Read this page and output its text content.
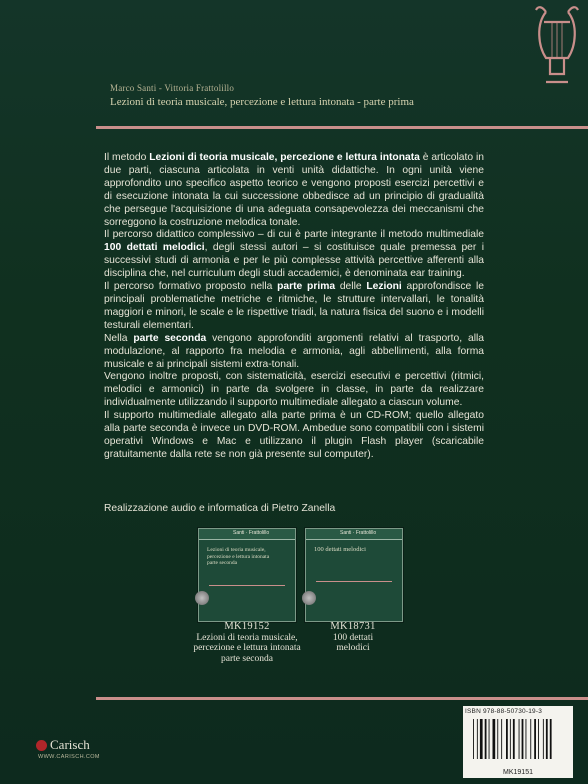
Marco Santi - Vittoria Frattolillo
Lezioni di teoria musicale, percezione e lettura intonata - parte prima

Il metodo Lezioni di teoria musicale, percezione e lettura intonata è articolato in due parti, ciascuna articolata in venti unità didattiche. In ogni unità viene approfondito uno specifico aspetto teorico e vengono proposti esercizi percettivi e di esecuzione intonata la cui successione obbedisce ad un principio di gradualità che persegue l'acquisizione di una adeguata consapevolezza dei meccanismi che sorreggono la costruzione melodica tonale.

Il percorso didattico complessivo – di cui è parte integrante il metodo multimediale 100 dettati melodici, degli stessi autori – si costituisce quale premessa per i successivi studi di armonia e per le più complesse attività percettive afferenti alla disciplina che, nel curriculum degli studi accademici, è denominata ear training.

Il percorso formativo proposto nella parte prima delle Lezioni approfondisce le principali problematiche metriche e ritmiche, le strutture intervallari, le tonalità maggiori e minori, le scale e le rispettive triadi, la natura fisica del suono e i modelli testurali elementari.

Nella parte seconda vengono approfonditi argomenti relativi al trasporto, alla modulazione, al rapporto fra melodia e armonia, agli abbellimenti, alla forma musicale e ai principali sistemi extra-tonali.

Vengono inoltre proposti, con sistematicità, esercizi esecutivi e percettivi (ritmici, melodici e armonici) in parte da svolgere in classe, in parte da realizzare individualmente utilizzando il supporto multimediale allegato a ciascun volume.

Il supporto multimediale allegato alla parte prima è un CD-ROM; quello allegato alla parte seconda è invece un DVD-ROM. Ambedue sono compatibili con i sistemi operativi Windows e Mac e utilizzano il plugin Flash player (scaricabile gratuitamente dalla rete se non già presente sul computer).

Realizzazione audio e informatica di Pietro Zanella
Santi · Frattolillo
Lezioni di teoria musicale, percezione e lettura intonata
parte seconda
MK19152
Lezioni di teoria musicale,
percezione e lettura intonata
parte seconda
Santi · Frattolillo
100 dettati melodici
MK18731
100 dettati
melodici
Carisch
WWW.CARISCH.COM
ISBN 978-88-50730-19-3
MK19151
